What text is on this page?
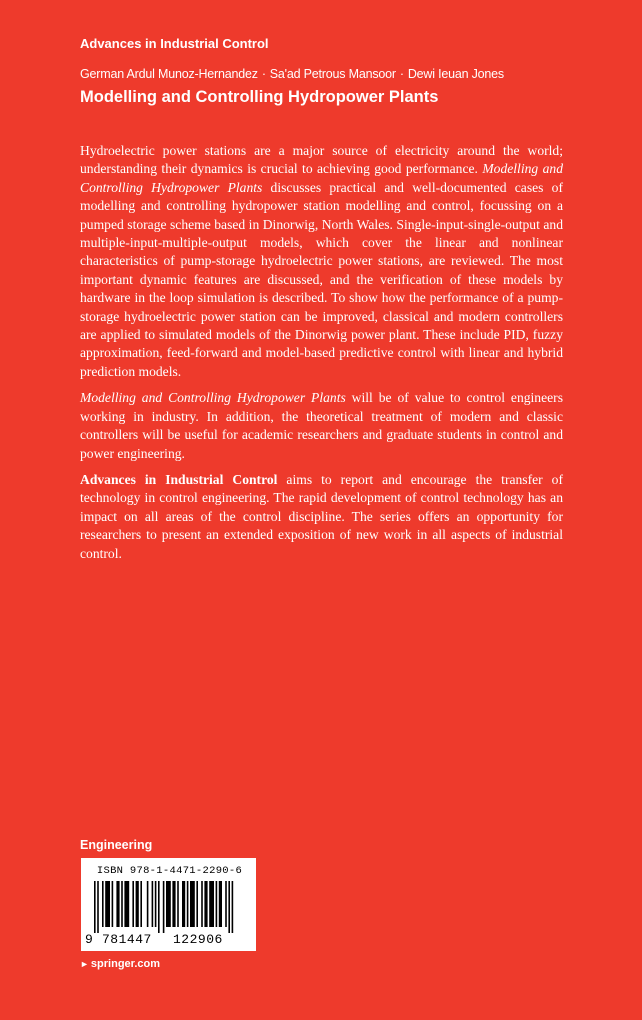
Advances in Industrial Control
German Ardul Munoz-Hernandez · Sa'ad Petrous Mansoor · Dewi Ieuan Jones
Modelling and Controlling Hydropower Plants

Hydroelectric power stations are a major source of electricity around the world; understanding their dynamics is crucial to achieving good performance. Modelling and Controlling Hydropower Plants discusses practical and well-documented cases of modelling and controlling hydropower station modelling and control, focussing on a pumped storage scheme based in Dinorwig, North Wales. Single-input-single-output and multiple-input-multiple-output models, which cover the linear and nonlinear characteristics of pump-storage hydroelectric power stations, are reviewed. The most important dynamic features are discussed, and the verification of these models by hardware in the loop simulation is described. To show how the performance of a pump-storage hydroelectric power station can be improved, classical and modern controllers are applied to simulated models of the Dinorwig power plant. These include PID, fuzzy approximation, feed-forward and model-based predictive control with linear and hybrid prediction models.

Modelling and Controlling Hydropower Plants will be of value to control engineers working in industry. In addition, the theoretical treatment of modern and classic controllers will be useful for academic researchers and graduate students in control and power engineering.

Advances in Industrial Control aims to report and encourage the transfer of technology in control engineering. The rapid development of control technology has an impact on all areas of the control discipline. The series offers an opportunity for researchers to present an extended exposition of new work in all aspects of industrial control.

Engineering
ISBN 978-1-4471-2290-6
9 781447 122906
► springer.com
